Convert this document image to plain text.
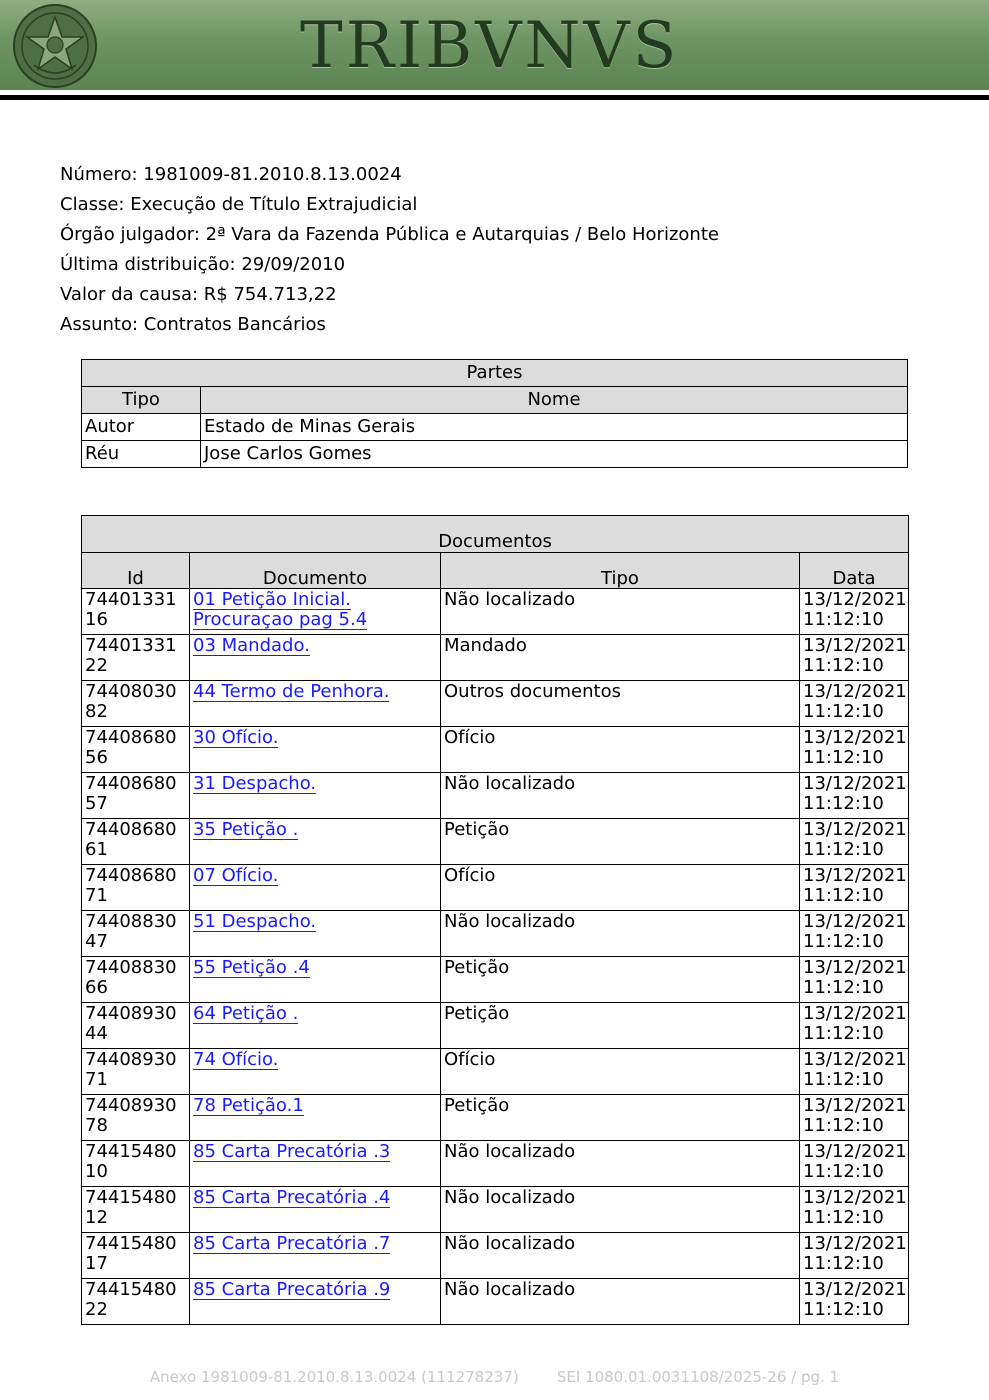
TRIBVNVS
Número: 1981009-81.2010.8.13.0024
Classe: Execução de Título Extrajudicial
Órgão julgador: 2ª Vara da Fazenda Pública e Autarquias / Belo Horizonte
Última distribuição: 29/09/2010
Valor da causa: R$ 754.713,22
Assunto: Contratos Bancários
Partes	
Tipo	Nome
Autor	Estado de Minas Gerais
Réu	Jose Carlos Gomes
Documentos			
Id	Documento	Tipo	Data
7440133116	01 Petição Inicial. Procuraçao pag 5.4	Não localizado	13/12/2021 11:12:10
7440133122	03 Mandado.	Mandado	13/12/2021 11:12:10
7440803082	44 Termo de Penhora.	Outros documentos	13/12/2021 11:12:10
7440868056	30 Ofício.	Ofício	13/12/2021 11:12:10
7440868057	31 Despacho.	Não localizado	13/12/2021 11:12:10
7440868061	35 Petição .	Petição	13/12/2021 11:12:10
7440868071	07 Ofício.	Ofício	13/12/2021 11:12:10
7440883047	51 Despacho.	Não localizado	13/12/2021 11:12:10
7440883066	55 Petição .4	Petição	13/12/2021 11:12:10
7440893044	64 Petição .	Petição	13/12/2021 11:12:10
7440893071	74 Ofício.	Ofício	13/12/2021 11:12:10
7440893078	78 Petição.1	Petição	13/12/2021 11:12:10
7441548010	85 Carta Precatória .3	Não localizado	13/12/2021 11:12:10
7441548012	85 Carta Precatória .4	Não localizado	13/12/2021 11:12:10
7441548017	85 Carta Precatória .7	Não localizado	13/12/2021 11:12:10
7441548022	85 Carta Precatória .9	Não localizado	13/12/2021 11:12:10
Anexo 1981009-81.2010.8.13.0024 (111278237)	SEI 1080.01.0031108/2025-26 / pg. 1
